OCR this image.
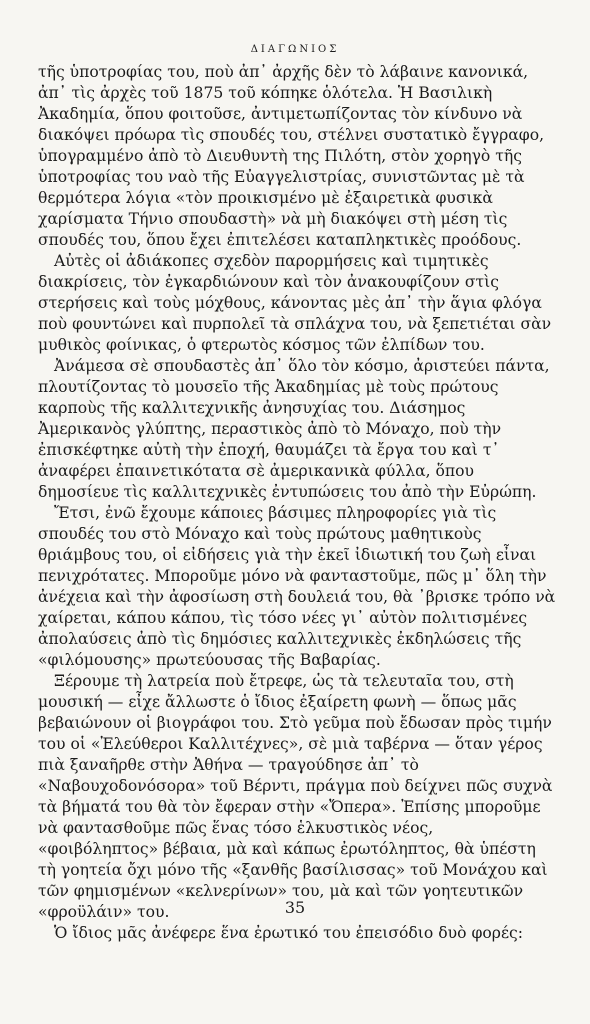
ΔΙΑΓΩΝΙΟΣ

τῆς ὑποτροφίας του, ποὺ ἀπ᾽ ἀρχῆς δὲν τὸ λάβαινε κανονικά, ἀπ᾽ τὶς ἀρχὲς τοῦ 1875 τοῦ κόπηκε ὁλότελα. Ἡ Βασιλικὴ Ἀκαδημία, ὅπου φοιτοῦσε, ἀντιμετωπίζοντας τὸν κίνδυνο νὰ διακόψει πρόωρα τὶς σπουδές του, στέλνει συστατικὸ ἔγγραφο, ὑπογραμμένο ἀπὸ τὸ Διευθυντὴ της Πιλότη, στὸν χορηγὸ τῆς ὑποτροφίας του ναὸ τῆς Εὐαγγελιστρίας, συνιστῶντας μὲ τὰ θερμότερα λόγια «τὸν προικισμένο μὲ ἐξαιρετικὰ φυσικὰ χαρίσματα Τήνιο σπουδαστὴ» νὰ μὴ διακόψει στὴ μέση τὶς σπουδές του, ὅπου ἔχει ἐπιτελέσει καταπληκτικὲς προόδους.

Αὐτὲς οἱ ἀδιάκοπες σχεδὸν παρορμήσεις καὶ τιμητικὲς διακρίσεις, τὸν ἐγκαρδιώνουν καὶ τὸν ἀνακουφίζουν στὶς στερήσεις καὶ τοὺς μόχθους, κάνοντας μὲς ἀπ᾽ τὴν ἅγια φλόγα ποὺ φουντώνει καὶ πυρπολεῖ τὰ σπλάχνα του, νὰ ξεπετιέται σὰν μυθικὸς φοίνικας, ὁ φτερωτὸς κόσμος τῶν ἐλπίδων του.

Ἀνάμεσα σὲ σπουδαστὲς ἀπ᾽ ὅλο τὸν κόσμο, ἀριστεύει πάντα, πλουτίζοντας τὸ μουσεῖο τῆς Ἀκαδημίας μὲ τοὺς πρώτους καρποὺς τῆς καλλιτεχνικῆς ἀνησυχίας του. Διάσημος Ἀμερικανὸς γλύπτης, περαστικὸς ἀπὸ τὸ Μόναχο, ποὺ τὴν ἐπισκέφτηκε αὐτὴ τὴν ἐποχή, θαυμάζει τὰ ἔργα του καὶ τ᾽ ἀναφέρει ἐπαινετικότατα σὲ ἀμερικανικὰ φύλλα, ὅπου δημοσίευε τὶς καλλιτεχνικὲς ἐντυπώσεις του ἀπὸ τὴν Εὐρώπη.

Ἔτσι, ἐνῶ ἔχουμε κάποιες βάσιμες πληροφορίες γιὰ τὶς σπουδές του στὸ Μόναχο καὶ τοὺς πρώτους μαθητικοὺς θριάμβους του, οἱ εἰδήσεις γιὰ τὴν ἐκεῖ ἰδιωτική του ζωὴ εἶναι πενιχρότατες. Μποροῦμε μόνο νὰ φανταστοῦμε, πῶς μ᾽ ὅλη τὴν ἀνέχεια καὶ τὴν ἀφοσίωση στὴ δουλειά του, θὰ ᾽βρισκε τρόπο νὰ χαίρεται, κάπου κάπου, τὶς τόσο νέες γι᾽ αὐτὸν πολιτισμένες ἀπολαύσεις ἀπὸ τὶς δημόσιες καλλιτεχνικὲς ἐκδηλώσεις τῆς «φιλόμουσης» πρωτεύουσας τῆς Βαβαρίας.

Ξέρουμε τὴ λατρεία ποὺ ἔτρεφε, ὡς τὰ τελευταῖα του, στὴ μουσική — εἶχε ἄλλωστε ὁ ἴδιος ἐξαίρετη φωνὴ — ὅπως μᾶς βεβαιώνουν οἱ βιογράφοι του. Στὸ γεῦμα ποὺ ἔδωσαν πρὸς τιμήν του οἱ «Ἐλεύθεροι Καλλιτέχνες», σὲ μιὰ ταβέρνα — ὅταν γέρος πιὰ ξαναῆρθε στὴν Ἀθήνα — τραγούδησε ἀπ᾽ τὸ «Ναβουχοδονόσορα» τοῦ Βέρντι, πράγμα ποὺ δείχνει πῶς συχνὰ τὰ βήματά του θὰ τὸν ἔφεραν στὴν «Ὄπερα». Ἐπίσης μποροῦμε νὰ φαντασθοῦμε πῶς ἕνας τόσο ἑλκυστικὸς νέος, «φοιβόληπτος» βέβαια, μὰ καὶ κάπως ἐρωτόληπτος, θὰ ὑπέστη τὴ γοητεία ὄχι μόνο τῆς «ξανθῆς βασίλισσας» τοῦ Μονάχου καὶ τῶν φημισμένων «κελνερίνων» του, μὰ καὶ τῶν γοητευτικῶν «φροϋλάιν» του.

Ὁ ἴδιος μᾶς ἀνέφερε ἕνα ἐρωτικό του ἐπεισόδιο δυὸ φορές:

35
